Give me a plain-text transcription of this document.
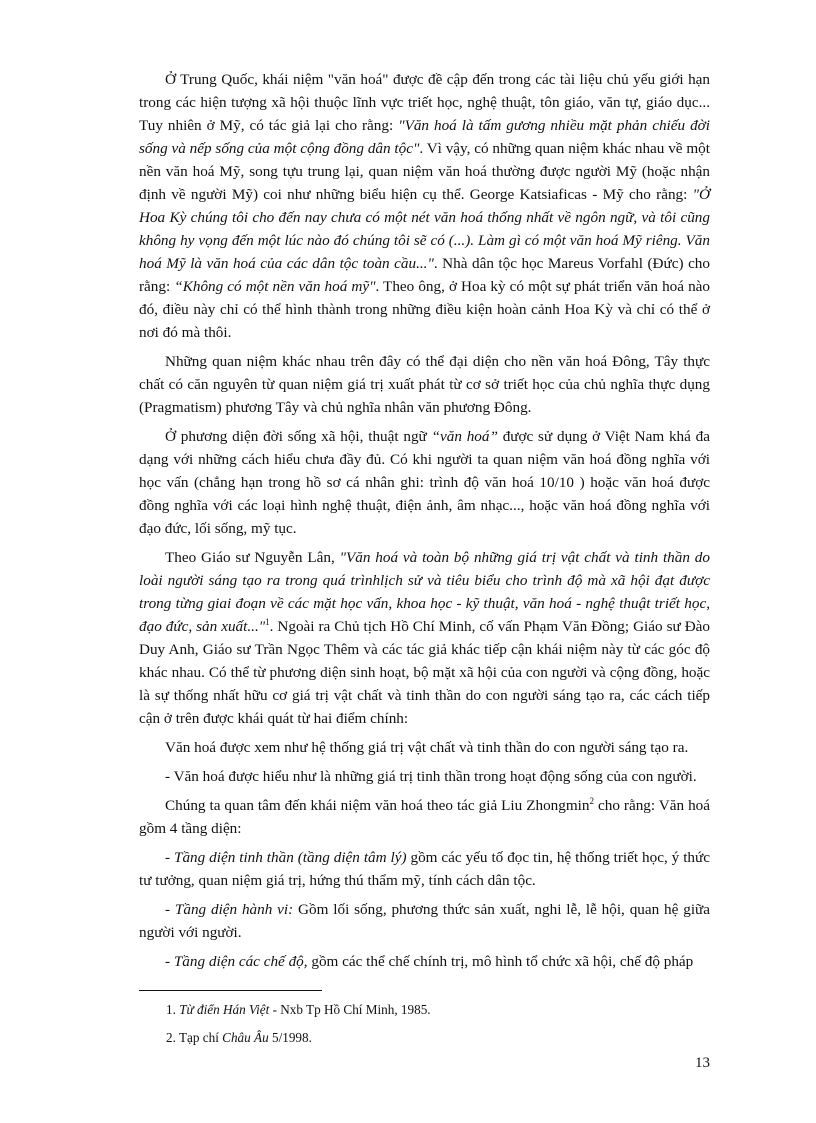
Ở Trung Quốc, khái niệm "văn hoá" được đề cập đến trong các tài liệu chủ yếu giới hạn trong các hiện tượng xã hội thuộc lĩnh vực triết học, nghệ thuật, tôn giáo, văn tự, giáo dục... Tuy nhiên ở Mỹ, có tác giả lại cho rằng: "Văn hoá là tấm gương nhiều mặt phản chiếu đời sống và nếp sống của một cộng đồng dân tộc". Vì vậy, có những quan niệm khác nhau về một nền văn hoá Mỹ, song tựu trung lại, quan niệm văn hoá thường được người Mỹ (hoặc nhận định về người Mỹ) coi như những biểu hiện cụ thể. George Katsiaficas - Mỹ cho rằng: "Ở Hoa Kỳ chúng tôi cho đến nay chưa có một nét văn hoá thống nhất về ngôn ngữ, và tôi cũng không hy vọng đến một lúc nào đó chúng tôi sẽ có (...). Làm gì có một văn hoá Mỹ riêng. Văn hoá Mỹ là văn hoá của các dân tộc toàn cầu...". Nhà dân tộc học Mareus Vorfahl (Đức) cho rằng: “Không có một nền văn hoá mỹ". Theo ông, ở Hoa kỳ có một sự phát triển văn hoá nào đó, điều này chỉ có thể hình thành trong những điều kiện hoàn cảnh Hoa Kỳ và chỉ có thể ở nơi đó mà thôi.

Những quan niệm khác nhau trên đây có thể đại diện cho nền văn hoá Đông, Tây thực chất có căn nguyên từ quan niệm giá trị xuất phát từ cơ sở triết học của chủ nghĩa thực dụng (Pragmatism) phương Tây và chủ nghĩa nhân văn phương Đông.

Ở phương diện đời sống xã hội, thuật ngữ “văn hoá” được sử dụng ở Việt Nam khá đa dạng với những cách hiểu chưa đầy đủ. Có khi người ta quan niệm văn hoá đồng nghĩa với học vấn (chẳng hạn trong hồ sơ cá nhân ghi: trình độ văn hoá 10/10 ) hoặc văn hoá được đồng nghĩa với các loại hình nghệ thuật, điện ảnh, âm nhạc..., hoặc văn hoá đồng nghĩa với đạo đức, lối sống, mỹ tục.

Theo Giáo sư Nguyễn Lân, "Văn hoá và toàn bộ những giá trị vật chất và tinh thần do loài người sáng tạo ra trong quá trìnhlịch sử và tiêu biểu cho trình độ mà xã hội đạt được trong từng giai đoạn về các mặt học vấn, khoa học - kỹ thuật, văn hoá - nghệ thuật triết học, đạo đức, sản xuất..."$^1$. Ngoài ra Chủ tịch Hồ Chí Minh, cố vấn Phạm Văn Đồng; Giáo sư Đào Duy Anh, Giáo sư Trần Ngọc Thêm và các tác giả khác tiếp cận khái niệm này từ các góc độ khác nhau. Có thể từ phương diện sinh hoạt, bộ mặt xã hội của con người và cộng đồng, hoặc là sự thống nhất hữu cơ giá trị vật chất và tinh thần do con người sáng tạo ra, các cách tiếp cận ở trên được khái quát từ hai điểm chính:

Văn hoá được xem như hệ thống giá trị vật chất và tinh thần do con người sáng tạo ra.

- Văn hoá được hiểu như là những giá trị tinh thần trong hoạt động sống của con người.

Chúng ta quan tâm đến khái niệm văn hoá theo tác giả Liu Zhongmin$^2$ cho rằng: Văn hoá gồm 4 tầng diện:

- Tầng diện tinh thần (tầng diện tâm lý) gồm các yếu tố đọc tin, hệ thống triết học, ý thức tư tưởng, quan niệm giá trị, hứng thú thẩm mỹ, tính cách dân tộc.

- Tầng diện hành vi: Gồm lối sống, phương thức sản xuất, nghi lễ, lễ hội, quan hệ giữa người với người.

- Tầng diện các chế độ, gồm các thể chế chính trị, mô hình tổ chức xã hội, chế độ pháp

1. Từ điển Hán Việt - Nxb Tp Hồ Chí Minh, 1985.
2. Tạp chí Châu Âu 5/1998.
13
